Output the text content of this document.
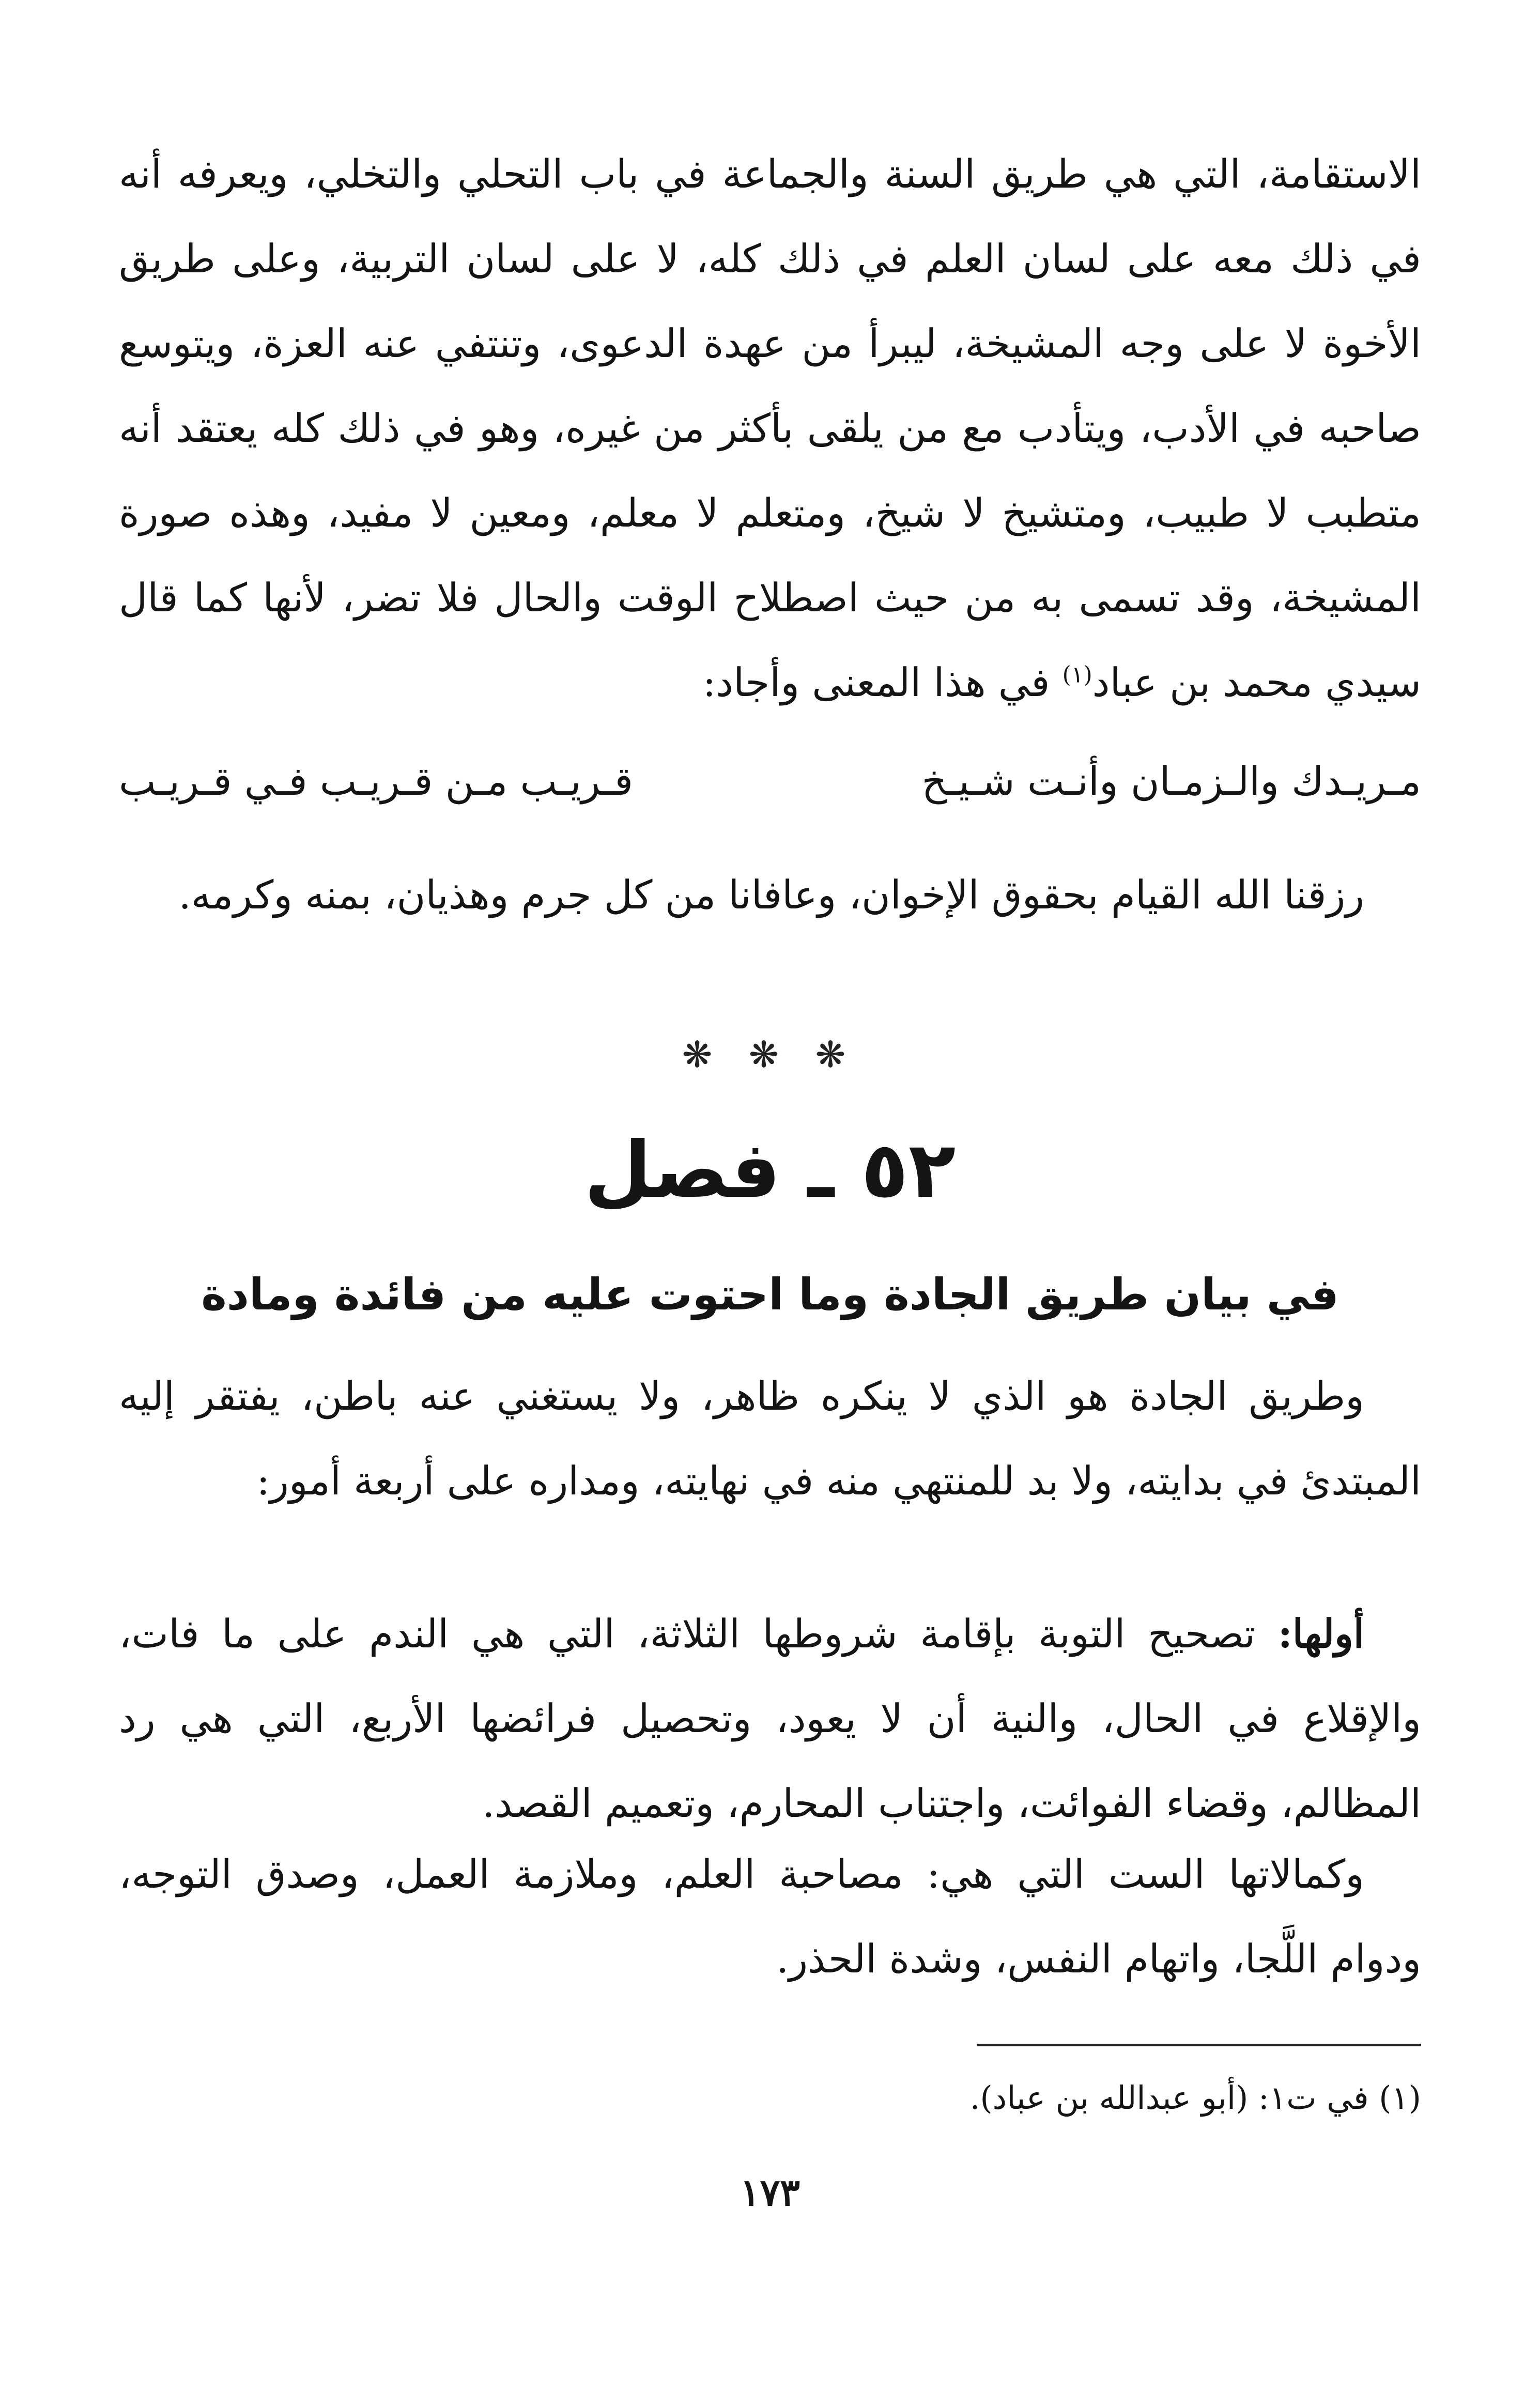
الاستقامة، التي هي طريق السنة والجماعة في باب التحلي والتخلي، ويعرفه أنه في ذلك معه على لسان العلم في ذلك كله، لا على لسان التربية، وعلى طريق الأخوة لا على وجه المشيخة، ليبرأ من عهدة الدعوى، وتنتفي عنه العزة، ويتوسع صاحبه في الأدب، ويتأدب مع من يلقى بأكثر من غيره، وهو في ذلك كله يعتقد أنه متطبب لا طبيب، ومتشيخ لا شيخ، ومتعلم لا معلم، ومعين لا مفيد، وهذه صورة المشيخة، وقد تسمى به من حيث اصطلاح الوقت والحال فلا تضر، لأنها كما قال سيدي محمد بن عباد$^{(١)}$ في هذا المعنى وأجاد:
مـريـدك والـزمـان وأنـت شـيـخ
قـريـب مـن قـريـب فـي قـريـب
رزقنا الله القيام بحقوق الإخوان، وعافانا من كل جرم وهذيان، بمنه وكرمه.
❋ ❋ ❋
٥٢ ـ فصل
في بيان طريق الجادة وما احتوت عليه من فائدة ومادة
وطريق الجادة هو الذي لا ينكره ظاهر، ولا يستغني عنه باطن، يفتقر إليه المبتدئ في بدايته، ولا بد للمنتهي منه في نهايته، ومداره على أربعة أمور:
أولها: تصحيح التوبة بإقامة شروطها الثلاثة، التي هي الندم على ما فات، والإقلاع في الحال، والنية أن لا يعود، وتحصيل فرائضها الأربع، التي هي رد المظالم، وقضاء الفوائت، واجتناب المحارم، وتعميم القصد.
وكمالاتها الست التي هي: مصاحبة العلم، وملازمة العمل، وصدق التوجه، ودوام اللَّجا، واتهام النفس، وشدة الحذر.
(١) في ت١: (أبو عبدالله بن عباد).
١٧٣
